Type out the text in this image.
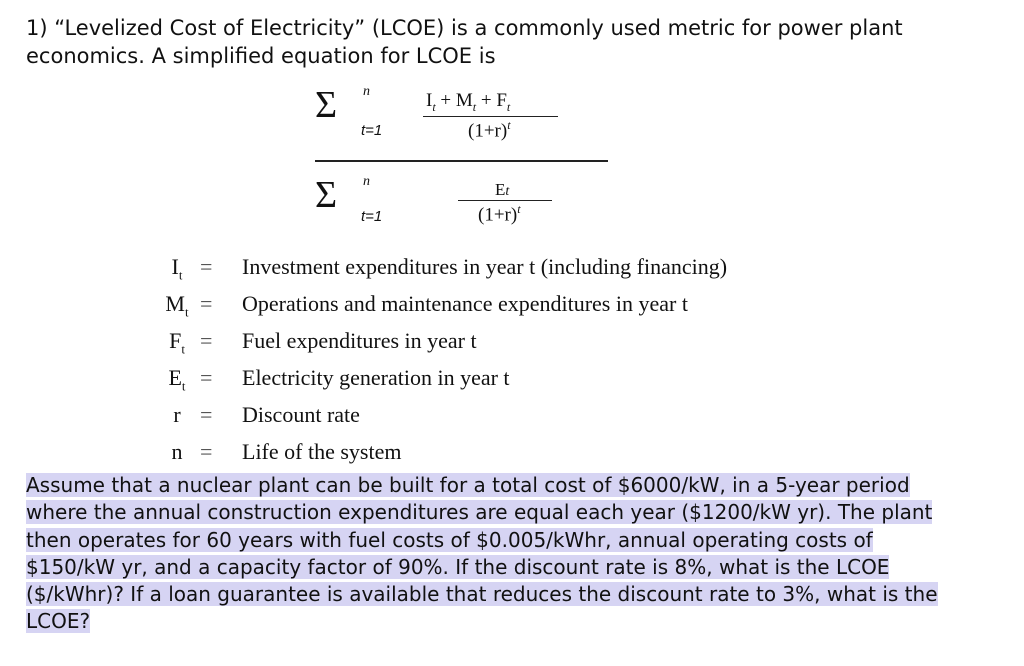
1) “Levelized Cost of Electricity” (LCOE) is a commonly used metric for power plant economics. A simplified equation for LCOE is
Σ n
t=1
$I_t + M_t + F_t$
$(1+r)^t$
Σ n
t=1
Et
$(1+r)^t$
$I_t$ = Investment expenditures in year t (including financing)
$M_t$ = Operations and maintenance expenditures in year t
$F_t$ = Fuel expenditures in year t
$E_t$ = Electricity generation in year t
r = Discount rate
n = Life of the system
Assume that a nuclear plant can be built for a total cost of $6000/kW, in a 5-year period where the annual construction expenditures are equal each year ($1200/kW yr). The plant then operates for 60 years with fuel costs of $0.005/kWhr, annual operating costs of $150/kW yr, and a capacity factor of 90%. If the discount rate is 8%, what is the LCOE ($/kWhr)? If a loan guarantee is available that reduces the discount rate to 3%, what is the LCOE?
